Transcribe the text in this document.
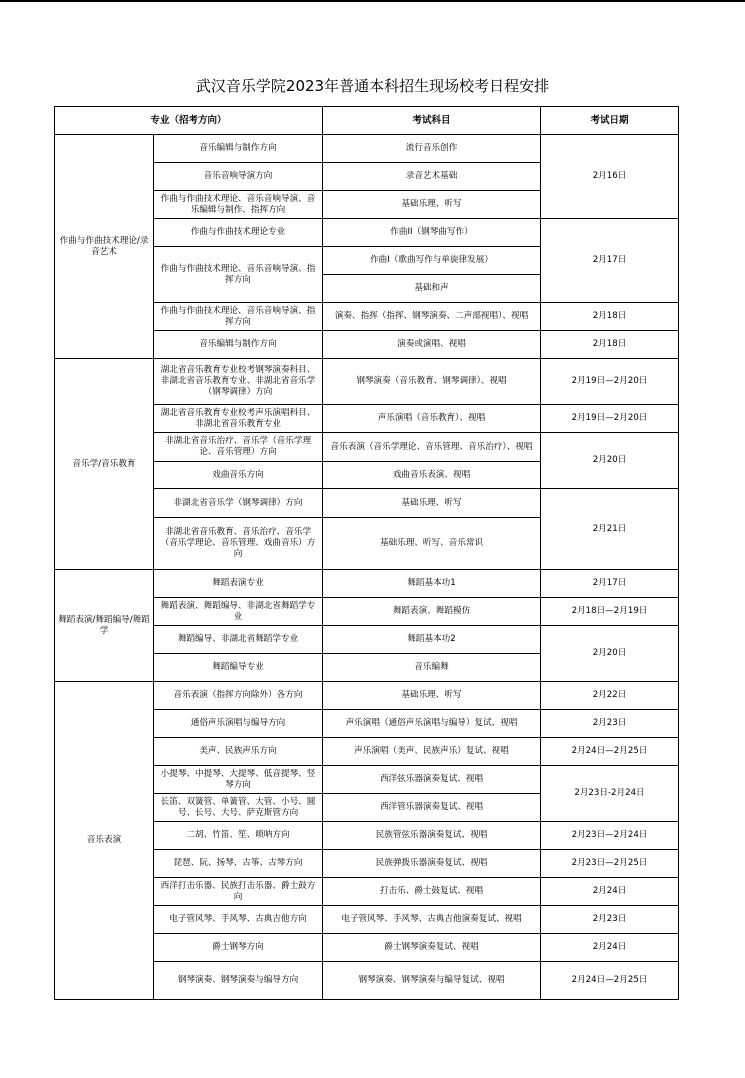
武汉音乐学院2023年普通本科招生现场校考日程安排
专业（招考方向）		考试科目	考试日期
作曲与作曲技术理论/录音艺术	音乐编辑与制作方向	流行音乐创作	2月16日
	音乐音响导演方向	录音艺术基础	
	作曲与作曲技术理论、音乐音响导演、音乐编辑与制作、指挥方向	基础乐理、听写	
	作曲与作曲技术理论专业	作曲II（钢琴曲写作）	2月17日
	作曲与作曲技术理论、音乐音响导演、指挥方向	作曲I（歌曲写作与单旋律发展）	
		基础和声	
	作曲与作曲技术理论、音乐音响导演、指挥方向	演奏、指挥（指挥、钢琴演奏、二声部视唱）、视唱	2月18日
	音乐编辑与制作方向	演奏或演唱、视唱	2月18日
音乐学/音乐教育	湖北省音乐教育专业校考钢琴演奏科目、非湖北省音乐教育专业、非湖北省音乐学（钢琴调律）方向	钢琴演奏（音乐教育、钢琴调律）、视唱	2月19日—2月20日
	湖北省音乐教育专业校考声乐演唱科目、非湖北省音乐教育专业	声乐演唱（音乐教育）、视唱	2月19日—2月20日
	非湖北省音乐治疗、音乐学（音乐学理论、音乐管理）方向	音乐表演（音乐学理论、音乐管理、音乐治疗）、视唱	2月20日
	戏曲音乐方向	戏曲音乐表演、视唱	
	非湖北省音乐学（钢琴调律）方向	基础乐理、听写	2月21日
	非湖北省音乐教育、音乐治疗、音乐学（音乐学理论、音乐管理、戏曲音乐）方向	基础乐理、听写、音乐常识	
舞蹈表演/舞蹈编导/舞蹈学	舞蹈表演专业	舞蹈基本功1	2月17日
	舞蹈表演、舞蹈编导、非湖北省舞蹈学专业	舞蹈表演、舞蹈模仿	2月18日—2月19日
	舞蹈编导、非湖北省舞蹈学专业	舞蹈基本功2	2月20日
	舞蹈编导专业	音乐编舞	
音乐表演	音乐表演（指挥方向除外）各方向	基础乐理、听写	2月22日
	通俗声乐演唱与编导方向	声乐演唱（通俗声乐演唱与编导）复试、视唱	2月23日
	美声、民族声乐方向	声乐演唱（美声、民族声乐）复试、视唱	2月24日—2月25日
	小提琴、中提琴、大提琴、低音提琴、竖琴方向	西洋弦乐器演奏复试、视唱	2月23日-2月24日
	长笛、双簧管、单簧管、大管、小号、圆号、长号、大号、萨克斯管方向	西洋管乐器演奏复试、视唱	
	二胡、竹笛、笙、唢呐方向	民族管弦乐器演奏复试、视唱	2月23日—2月24日
	琵琶、阮、扬琴、古筝、古琴方向	民族弹拨乐器演奏复试、视唱	2月23日—2月25日
	西洋打击乐器、民族打击乐器、爵士鼓方向	打击乐、爵士鼓复试、视唱	2月24日
	电子管风琴、手风琴、古典吉他方向	电子管风琴、手风琴、古典吉他演奏复试、视唱	2月23日
	爵士钢琴方向	爵士钢琴演奏复试、视唱	2月24日
	钢琴演奏、钢琴演奏与编导方向	钢琴演奏、钢琴演奏与编导复试、视唱	2月24日—2月25日
